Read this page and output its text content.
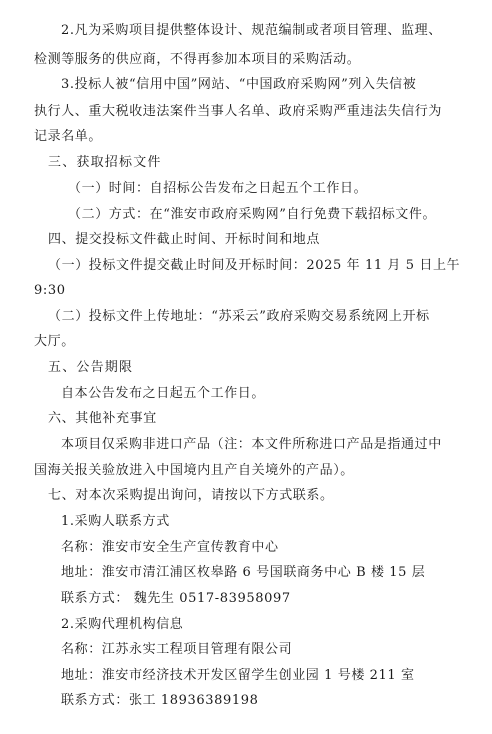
2.凡为采购项目提供整体设计、规范编制或者项目管理、监理、
检测等服务的供应商，不得再参加本项目的采购活动。
3.投标人被“信用中国”网站、“中国政府采购网”列入失信被
执行人、重大税收违法案件当事人名单、政府采购严重违法失信行为
记录名单。
三、获取招标文件
（一）时间：自招标公告发布之日起五个工作日。
（二）方式：在“淮安市政府采购网”自行免费下载招标文件。
四、提交投标文件截止时间、开标时间和地点
（一）投标文件提交截止时间及开标时间：2025 年 11 月 5 日上午
9:30
（二）投标文件上传地址：“苏采云”政府采购交易系统网上开标
大厅。
五、公告期限
自本公告发布之日起五个工作日。
六、其他补充事宜
本项目仅采购非进口产品（注：本文件所称进口产品是指通过中
国海关报关验放进入中国境内且产自关境外的产品）。
七、对本次采购提出询问，请按以下方式联系。
1.采购人联系方式
名称：淮安市安全生产宣传教育中心
地址：淮安市清江浦区枚皋路 6 号国联商务中心 B 楼 15 层
联系方式： 魏先生 0517-83958097
2.采购代理机构信息
名称：江苏永实工程项目管理有限公司
地址：淮安市经济技术开发区留学生创业园 1 号楼 211 室
联系方式：张工 18936389198
